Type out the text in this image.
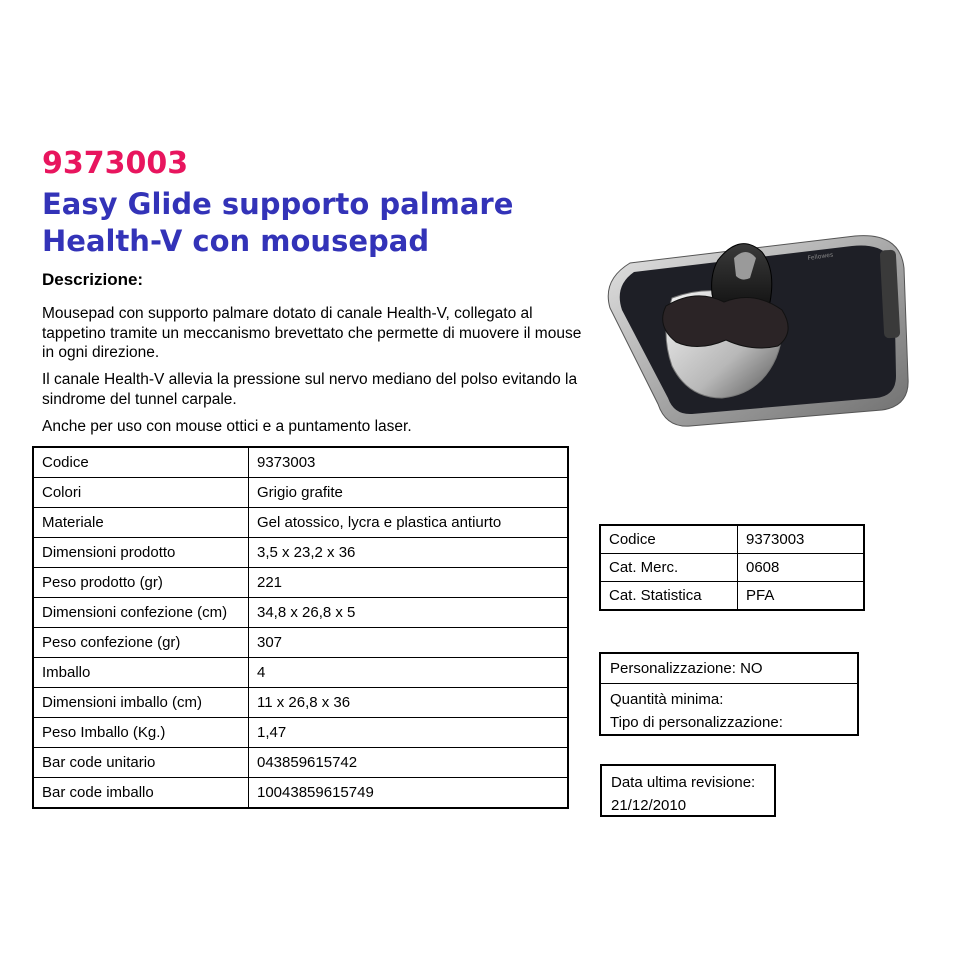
9373003
Easy Glide supporto palmare
Health-V con mousepad
Descrizione:

Mousepad con supporto palmare dotato di canale Health-V, collegato al tappetino tramite un meccanismo brevettato che permette di muovere il mouse in ogni direzione.

Il canale Health-V allevia la pressione sul nervo mediano del polso evitando la sindrome del tunnel carpale.

Anche per uso con mouse ottici e a puntamento laser.

Fellowes
Codice	9373003
Colori	Grigio grafite
Materiale	Gel atossico, lycra e plastica antiurto
Dimensioni prodotto	3,5 x 23,2 x 36
Peso prodotto (gr)	221
Dimensioni confezione (cm)	34,8 x 26,8 x 5
Peso confezione (gr)	307
Imballo	4
Dimensioni imballo (cm)	11 x 26,8 x 36
Peso Imballo (Kg.)	1,47
Bar code unitario	043859615742
Bar code imballo	10043859615749
Codice	9373003
Cat. Merc.	0608
Cat. Statistica	PFA
Personalizzazione: NO
Quantità minima:
Tipo di personalizzazione:
Data ultima revisione:
21/12/2010
